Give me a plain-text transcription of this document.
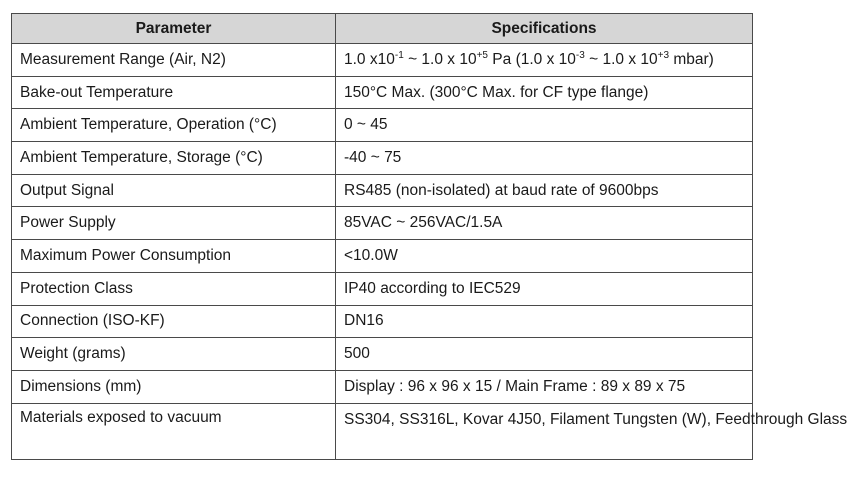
Parameter	Specifications
Measurement Range (Air, N2)	1.0 $x10^{-1}$ ~ 1.0 x $10^{+5}$ Pa (1.0 x $10^{-3}$ ~ 1.0 x $10^{+3}$ mbar)
Bake-out Temperature	150°C Max. (300°C Max. for CF type flange)
Ambient Temperature, Operation (°C)	0 ~ 45
Ambient Temperature, Storage (°C)	-40 ~ 75
Output Signal	RS485 (non-isolated) at baud rate of 9600bps
Power Supply	85VAC ~ 256VAC/1.5A
Maximum Power Consumption	<10.0W
Protection Class	IP40 according to IEC529
Connection (ISO-KF)	DN16
Weight (grams)	500
Dimensions (mm)	Display : 96 x 96 x 15 / Main Frame : 89 x 89 x 75
Materials exposed to vacuum	SS304, SS316L, Kovar 4J50, Filament Tungsten (W), Feedthrough Glass
